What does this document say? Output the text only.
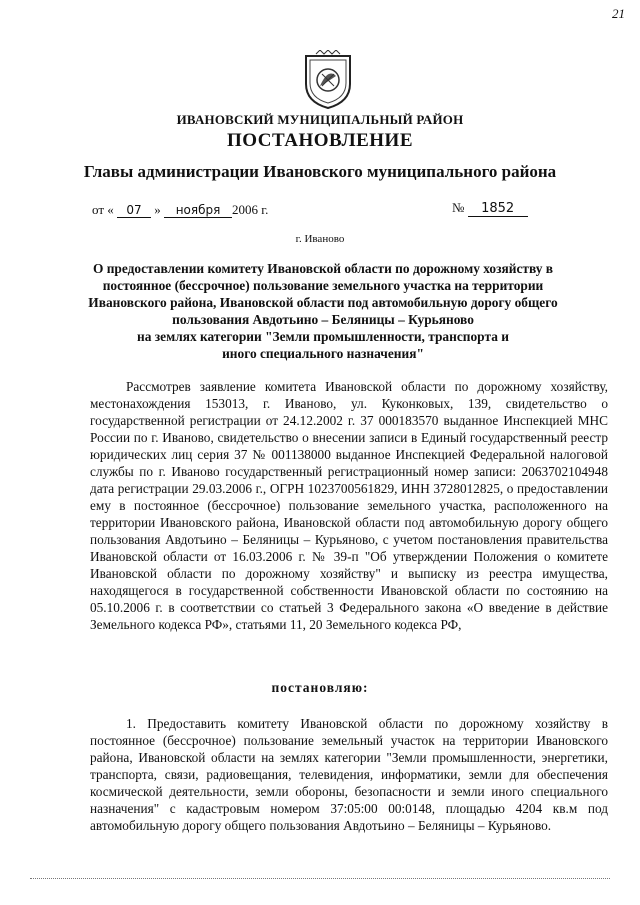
21
ИВАНОВСКИЙ МУНИЦИПАЛЬНЫЙ РАЙОН
ПОСТАНОВЛЕНИЕ
Главы администрации Ивановского муниципального района
от « 07 » ноября 2006 г.	№ 1852
г. Иваново
О предоставлении комитету Ивановской области по дорожному хозяйству в
постоянное (бессрочное) пользование земельного участка на территории
Ивановского района, Ивановской области под автомобильную дорогу общего
пользования Авдотьино – Беляницы – Курьяново
на землях категории "Земли промышленности, транспорта и
иного специального назначения"
Рассмотрев заявление комитета Ивановской области по дорожному хозяйству, местонахождения 153013, г. Иваново, ул. Куконковых, 139, свидетельство о государственной регистрации от 24.12.2002 г. 37 000183570 выданное Инспекцией МНС России по г. Иваново, свидетельство о внесении записи в Единый государственный реестр юридических лиц серия 37 № 001138000 выданное Инспекцией Федеральной налоговой службы по г. Иваново государственный регистрационный номер записи: 2063702104948 дата регистрации 29.03.2006 г., ОГРН 1023700561829, ИНН 3728012825, о предоставлении ему в постоянное (бессрочное) пользование земельного участка, расположенного на территории Ивановского района, Ивановской области под автомобильную дорогу общего пользования Авдотьино – Беляницы – Курьяново, с учетом постановления правительства Ивановской области от 16.03.2006 г. № 39-п "Об утверждении Положения о комитете Ивановской области по дорожному хозяйству" и выписку из реестра имущества, находящегося в государственной собственности Ивановской области по состоянию на 05.10.2006 г. в соответствии со статьей 3 Федерального закона «О введение в действие Земельного кодекса РФ», статьями 11, 20 Земельного кодекса РФ,
постановляю:
1. Предоставить комитету Ивановской области по дорожному хозяйству в постоянное (бессрочное) пользование земельный участок на территории Ивановского района, Ивановской области на землях категории "Земли промышленности, энергетики, транспорта, связи, радиовещания, телевидения, информатики, земли для обеспечения космической деятельности, земли обороны, безопасности и земли иного специального назначения" с кадастровым номером 37:05:00 00:0148, площадью 4204 кв.м под автомобильную дорогу общего пользования Авдотьино – Беляницы – Курьяново.
